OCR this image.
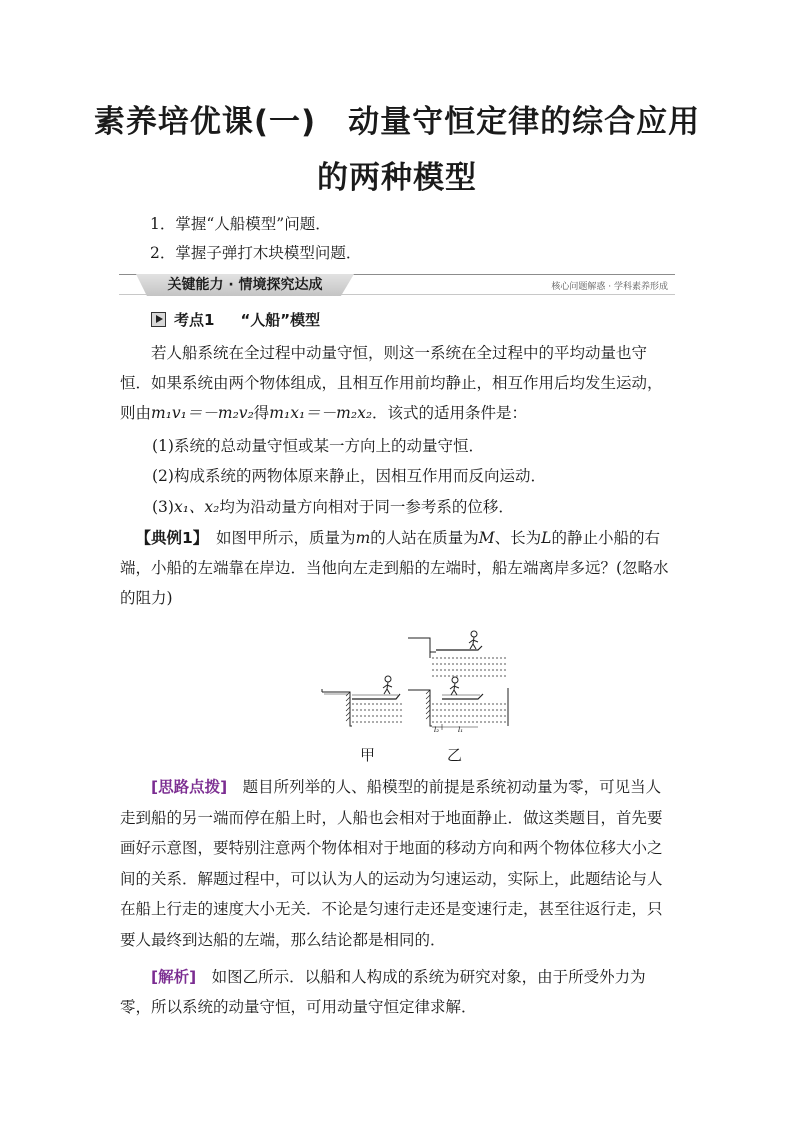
素养培优课(一)　动量守恒定律的综合应用
的两种模型
1．掌握“人船模型”问题．
2．掌握子弹打木块模型问题．
关键能力 · 情境探究达成	核心问题解惑 · 学科素养形成
考点1 “人船”模型

若人船系统在全过程中动量守恒，则这一系统在全过程中的平均动量也守恒．如果系统由两个物体组成，且相互作用前均静止，相互作用后均发生运动，则由m₁v₁＝－m₂v₂得m₁x₁＝－m₂x₂．该式的适用条件是：

(1)系统的总动量守恒或某一方向上的动量守恒．
(2)构成系统的两物体原来静止，因相互作用而反向运动．
(3)x₁、x₂均为沿动量方向相对于同一参考系的位移．

【典例1】　如图甲所示，质量为m的人站在质量为M、长为L的静止小船的右端，小船的左端靠在岸边．当他向左走到船的左端时，船左端离岸多远？(忽略水的阻力)

l₂	l₁
甲	乙

[思路点拨]　题目所列举的人、船模型的前提是系统初动量为零，可见当人走到船的另一端而停在船上时，人船也会相对于地面静止．做这类题目，首先要画好示意图，要特别注意两个物体相对于地面的移动方向和两个物体位移大小之间的关系．解题过程中，可以认为人的运动为匀速运动，实际上，此题结论与人在船上行走的速度大小无关．不论是匀速行走还是变速行走，甚至往返行走，只要人最终到达船的左端，那么结论都是相同的．

[解析]　如图乙所示．以船和人构成的系统为研究对象，由于所受外力为零，所以系统的动量守恒，可用动量守恒定律求解．
